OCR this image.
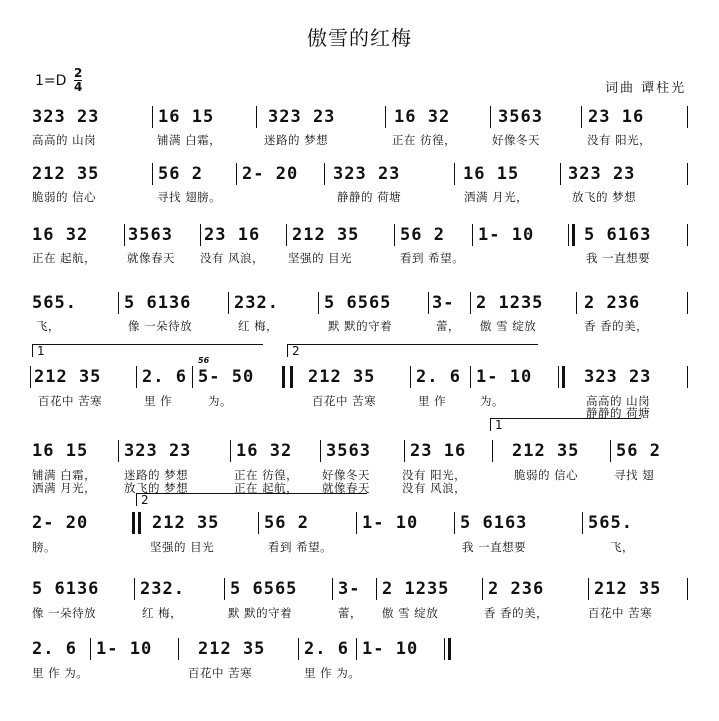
傲雪的红梅
1=D 2
4	词曲 谭柱光
323 23	16 15	323 23	16 32	3563	23 16

高高的 山岗

	铺满 白霜，

	迷路的 梦想

	正在 彷徨，

	好像冬天

	没有 阳光，

212 35	56 2 2- 20 323 23	16 15	323 23

脆弱的 信心

	寻找 翅膀。

	静静的 荷塘

	洒满 月光，

	放飞的 梦想

16 32 3563 23 16 212 35 56 2 1- 10	5 6163

正在 起航，

	就像春天

没有 风浪，

坚强的 目光

	看到 希望。

	我 一直想要

565.	5 6136	232.	5 6565 3- 2 1235 2 236

飞，

	像 一朵待放

	红 梅，

	默 默的守着

	蕾，

傲 雪 绽放

	香 香的美，

1	2
56
212 35 2. 6 5- 50	212 35 2. 6 1- 10	323 23

百花中 苦寒

	里 作

	为。

	百花中 苦寒

	里 作

	为。

	高高的 山岗

静静的 荷塘

1
16 15 323 23	16 32 3563 23 16	212 35 56 2

铺满 白霜，

迷路的 梦想

	正在 彷徨，

好像冬天

	没有 阳光，

	脆弱的 信心

	寻找 翅

洒满 月光，

放飞的 梦想

	正在 起航，

就像春天

	没有 风浪，

2
2- 20	212 35	56 2	1- 10 5 6163	565.

膀。

	坚强的 目光

	看到 希望。

	我 一直想要

	飞，

5 6136 232.	5 6565 3- 2 1235 2 236	212 35

像 一朵待放

	红 梅，

	默 默的守着

	蕾，

傲 雪 绽放

	香 香的美，

	百花中 苦寒

2. 6 1- 10	212 35 2. 6 1- 10

里 作 为。

	百花中 苦寒

	里 作 为。
